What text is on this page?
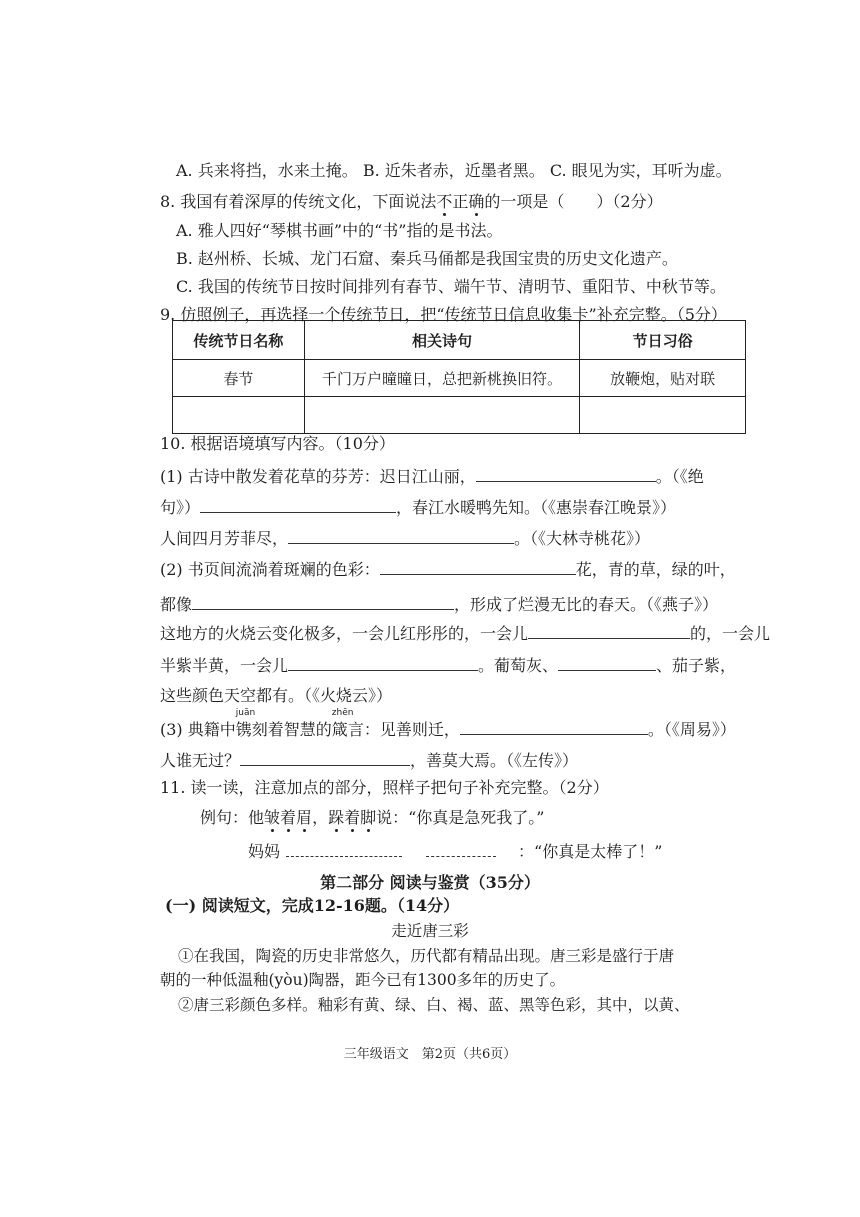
A. 兵来将挡，水来土掩。 B. 近朱者赤，近墨者黑。 C. 眼见为实，耳听为虚。
8. 我国有着深厚的传统文化，下面说法不正确的一项是（　　）（2分）
A. 雅人四好“琴棋书画”中的“书”指的是书法。
B. 赵州桥、长城、龙门石窟、秦兵马俑都是我国宝贵的历史文化遗产。
C. 我国的传统节日按时间排列有春节、端午节、清明节、重阳节、中秋节等。
9. 仿照例子，再选择一个传统节日，把“传统节日信息收集卡”补充完整。（5分）
传统节日名称	相关诗句	节日习俗
春节	千门万户曈曈日，总把新桃换旧符。	放鞭炮，贴对联

10. 根据语境填写内容。（10分）
(1) 古诗中散发着花草的芬芳：迟日江山丽，	。（《绝
句》）	，春江水暖鸭先知。（《惠崇春江晚景》）
人间四月芳菲尽，	。（《大林寺桃花》）
(2) 书页间流淌着斑斓的色彩：	花，青的草，绿的叶，
都像	，形成了烂漫无比的春天。（《燕子》）
这地方的火烧云变化极多，一会儿红彤彤的，一会儿	的，一会儿
半紫半黄，一会儿	。葡萄灰、	、茄子紫，
这些颜色天空都有。（《火烧云》）
(3) 典籍中
juān
镌刻着智慧的
zhēn
箴言：见善则迁，	。（《周易》）
人谁无过？	，善莫大焉。（《左传》）
11. 读一读，注意加点的部分，照样子把句子补充完整。（2分）
例句：他皱着眉，跺着脚说：“你真是急死我了。”
妈妈	：“你真是太棒了！”
第二部分 阅读与鉴赏（35分）
(一) 阅读短文，完成12-16题。（14分）
走近唐三彩
①在我国，陶瓷的历史非常悠久，历代都有精品出现。唐三彩是盛行于唐
朝的一种低温釉(yòu)陶器，距今已有1300多年的历史了。
②唐三彩颜色多样。釉彩有黄、绿、白、褐、蓝、黑等色彩，其中，以黄、
三年级语文　第2页（共6页）
